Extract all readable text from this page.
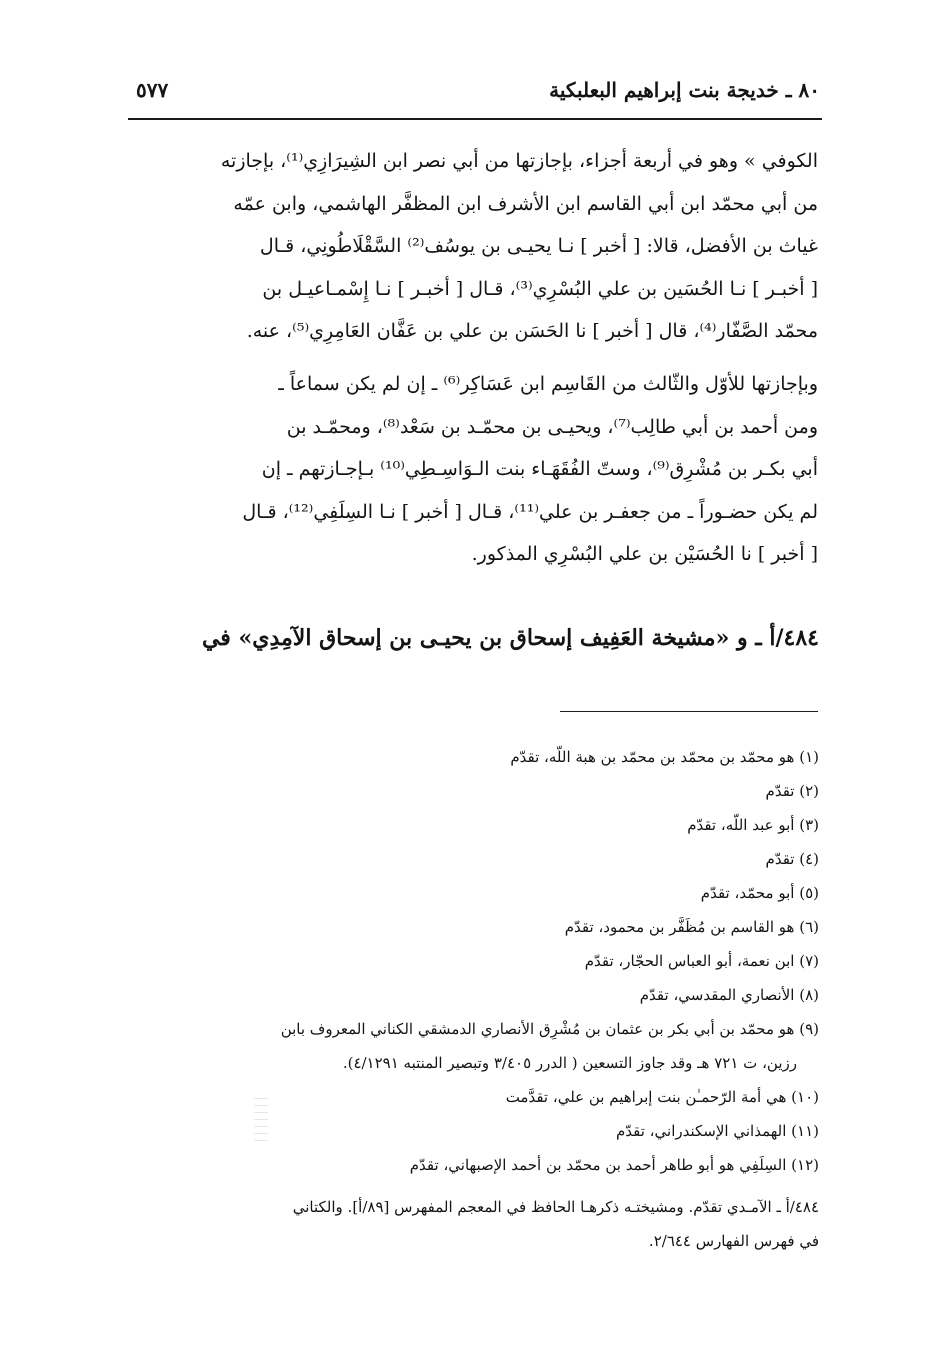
٨٠ ـ خديجة بنت إبراهيم البعلبكية
٥٧٧

الكوفي » وهو في أربعة أجزاء، بإجازتها من أبي نصر ابن الشِيرَازِي⁽¹⁾، بإجازته
من أبي محمّد ابن أبي القاسم ابن الأشرف ابن المظفَّر الهاشمي، وابن عمّه
غياث بن الأفضل، قالا: [ أخبر ] نـا يحيـى بن يوسُف⁽²⁾ السَّقْلَاطُونِي، قـال
[ أخبـر ] نـا الحُسَين بن علي البُسْرِي⁽³⁾، قـال [ أخبـر ] نـا إِسْمـاعيـل بن
محمّد الصَّفّار⁽⁴⁾، قال [ أخبر ] نا الحَسَن بن علي بن عَفَّان العَامِرِي⁽⁵⁾، عنه.

وبإجازتها للأوّل والثّالث من القَاسِم ابن عَسَاكِر⁽⁶⁾ ـ إن لم يكن سماعاً ـ
ومن أحمد بن أبي طالِب⁽⁷⁾، ويحيـى بن محمّـد بن سَعْد⁽⁸⁾، ومحمّـد بن
أبي بكـر بن مُشْرِق⁽⁹⁾، وستّ الفُقَهَـاء بنت الـوَاسِـطِي⁽¹⁰⁾ بـإجـازتهم ـ إن
لم يكن حضـوراً ـ من جعفـر بن علي⁽¹¹⁾، قـال [ أخبر ] نـا السِلَفِي⁽¹²⁾، قـال
[ أخبر ] نا الحُسَيْن بن علي البُسْرِي المذكور.

٤٨٤/أ ـ و «مشيخة العَفِيف إسحاق بن يحيـى بن إسحاق الآمِدِي» في
(١) هو محمّد بن محمّد بن محمّد بن هبة اللّه، تقدّم
(٢) تقدّم
(٣) أبو عبد اللّه، تقدّم
(٤) تقدّم
(٥) أبو محمّد، تقدّم
(٦) هو القاسم بن مُظَفَّر بن محمود، تقدّم
(٧) ابن نعمة، أبو العباس الحجّار، تقدّم
(٨) الأنصاري المقدسي، تقدّم
(٩) هو محمّد بن أبي بكر بن عثمان بن مُشْرِق الأنصاري الدمشقي الكناني المعروف بابن
رزين، ت ٧٢١ هـ وقد جاوز التسعين ( الدرر ٣/٤٠٥ وتبصير المنتبه ٤/١٢٩١).
(١٠) هي أمة الرّحمـٰن بنت إبراهيم بن علي، تقدَّمت
(١١) الهمذاني الإسكندراني، تقدّم
(١٢) السِلَفِي هو أبو طاهر أحمد بن محمّد بن أحمد الإصبهاني، تقدّم
٤٨٤/أ ـ الآمـدي تقدّم. ومشيختـه ذكرهـا الحافظ في المعجم المفهرس [٨٩/أ]. والكتاني
في فهرس الفهارس ٢/٦٤٤.
